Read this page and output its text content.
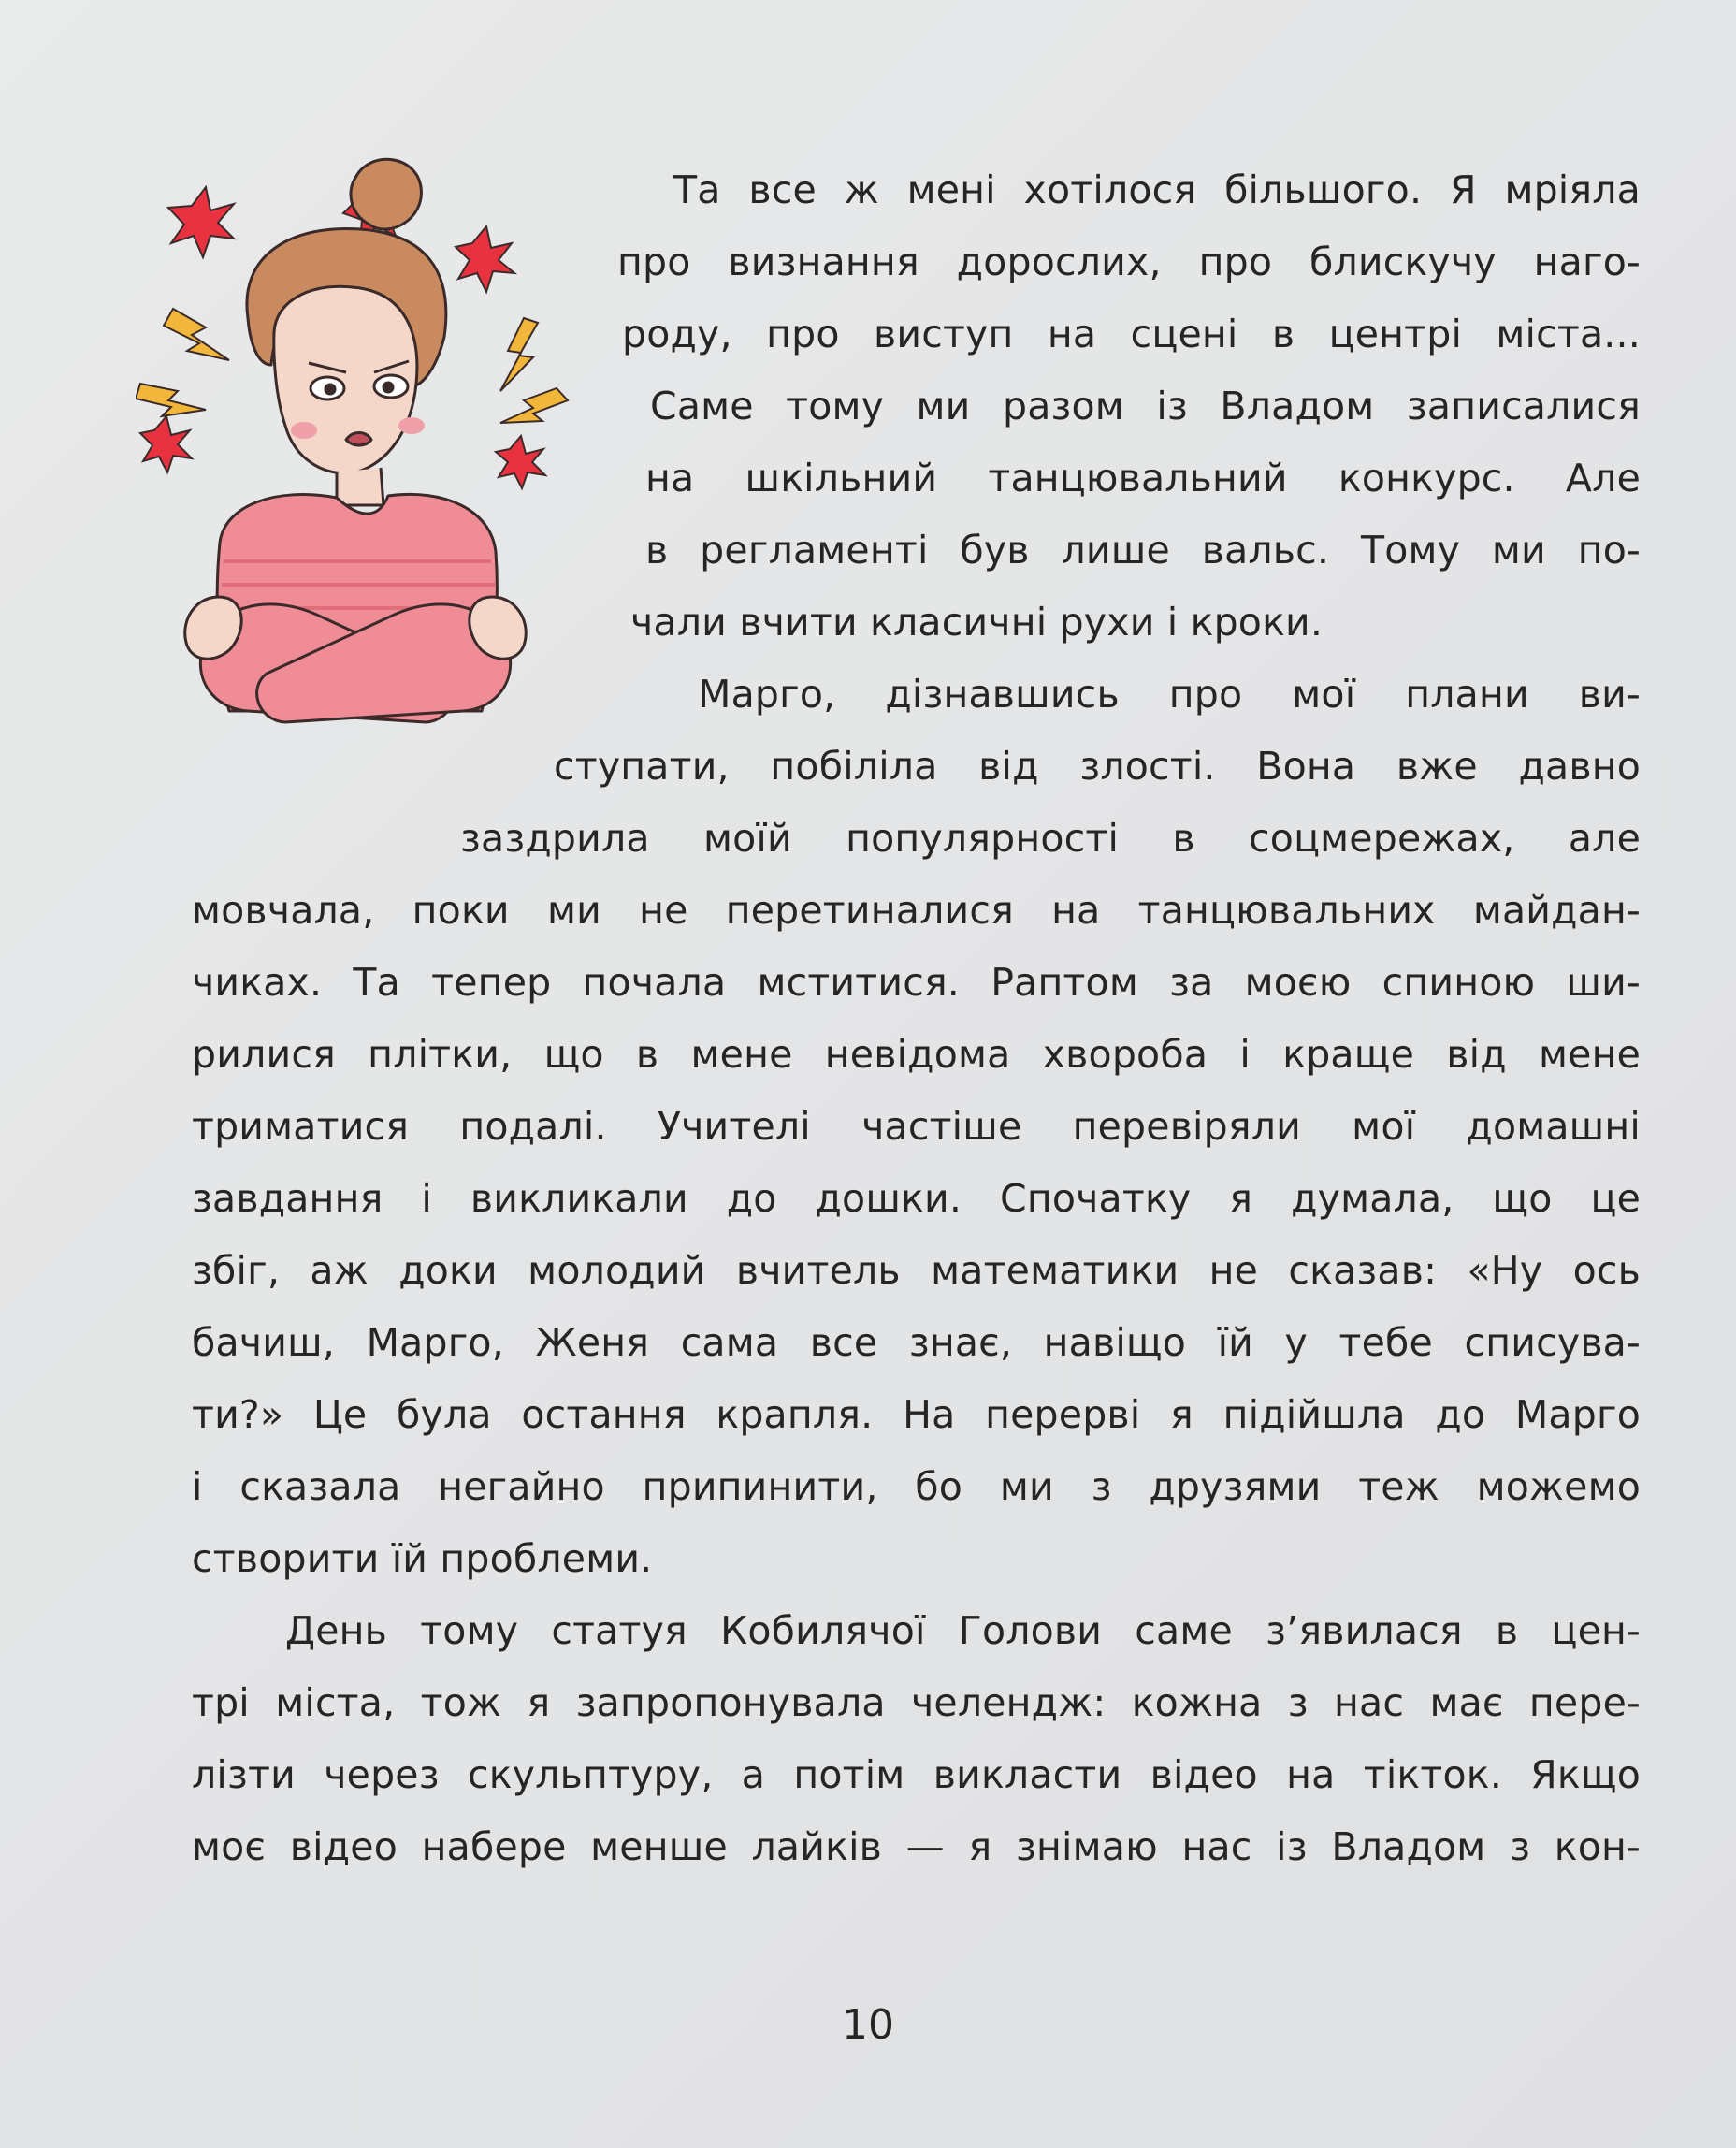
Та все ж мені хотілося більшого. Я мріяла
про визнання дорослих, про блискучу наго-
роду, про виступ на сцені в центрі міста...
Саме тому ми разом із Владом записалися
на шкільний танцювальний конкурс. Але
в регламенті був лише вальс. Тому ми по-
чали вчити класичні рухи і кроки.
Марго, дізнавшись про мої плани ви-
ступати, побіліла від злості. Вона вже давно
заздрила моїй популярності в соцмережах, але
мовчала, поки ми не перетиналися на танцювальних майдан-
чиках. Та тепер почала мститися. Раптом за моєю спиною ши-
рилися плітки, що в мене невідома хвороба і краще від мене
триматися подалі. Учителі частіше перевіряли мої домашні
завдання і викликали до дошки. Спочатку я думала, що це
збіг, аж доки молодий вчитель математики не сказав: «Ну ось
бачиш, Марго, Женя сама все знає, навіщо їй у тебе списува-
ти?» Це була остання крапля. На перерві я підійшла до Марго
і сказала негайно припинити, бо ми з друзями теж можемо
створити їй проблеми.
День тому статуя Кобилячої Голови саме з’явилася в цен-
трі міста, тож я запропонувала челендж: кожна з нас має пере-
лізти через скульптуру, а потім викласти відео на тікток. Якщо
моє відео набере менше лайків — я знімаю нас із Владом з кон-
10
